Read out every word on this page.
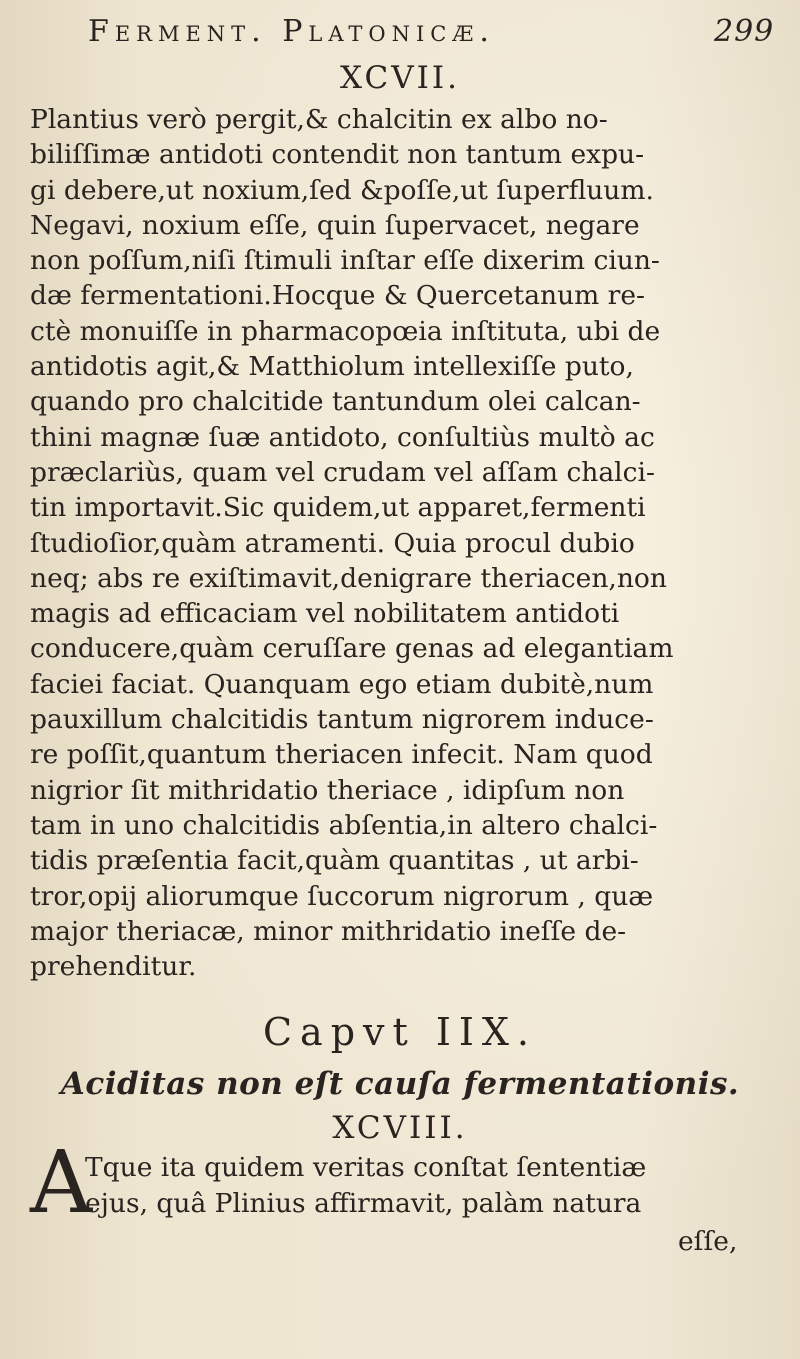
Ferment. Platonicæ.	299
XCVII.
Plantius verò pergit,& chalcitin ex albo no-
biliſſimæ antidoti contendit non tantum expu-
gi debere,ut noxium,ſed &poſſe,ut ſuperfluum.
Negavi, noxium eſſe, quin ſupervacet, negare
non poſſum,niſi ſtimuli inſtar eſſe dixerim ciun-
dæ fermentationi.Hocque & Quercetanum re-
ctè monuiſſe in pharmacopœia inſtituta, ubi de
antidotis agit,& Matthiolum intellexiſſe puto,
quando pro chalcitide tantundum olei calcan-
thini magnæ ſuæ antidoto, conſultiùs multò ac
præclariùs, quam vel crudam vel aſſam chalci-
tin importavit.Sic quidem,ut apparet,fermenti
ſtudioſior,quàm atramenti. Quia procul dubio
neq; abs re exiſtimavit,denigrare theriacen,non
magis ad efficaciam vel nobilitatem antidoti
conducere,quàm ceruſſare genas ad elegantiam
faciei faciat. Quanquam ego etiam dubitè,num
pauxillum chalcitidis tantum nigrorem induce-
re poſſit,quantum theriacen infecit. Nam quod
nigrior ſit mithridatio theriace , idipſum non
tam in uno chalcitidis abſentia,in altero chalci-
tidis præſentia facit,quàm quantitas , ut arbi-
tror,opij aliorumque ſuccorum nigrorum , quæ
major theriacæ, minor mithridatio ineſſe de-
prehenditur.
Capvt IIX.
Aciditas non eſt cauſa fermentationis.
XCVIII.
A
Tque ita quidem veritas conſtat ſententiæ
ejus, quâ Plinius affirmavit, palàm natura
eſſe,
